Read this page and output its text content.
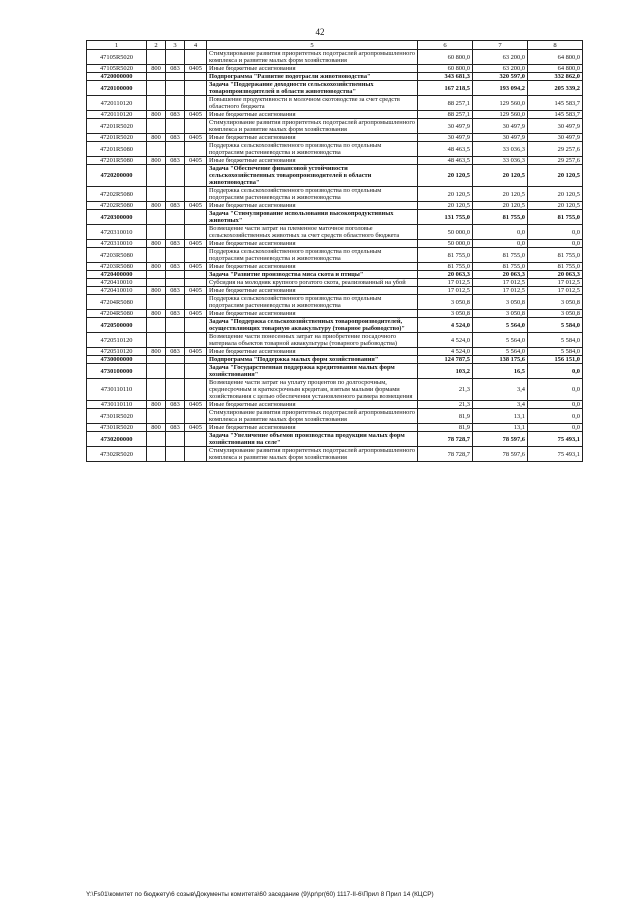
42
1	2	3	4	5	6	7	8
47105R5020				Стимулирование развития приоритетных подотраслей агропромышленного комплекса и развитие малых форм хозяйствования	60 800,0	63 200,0	64 800,0
47105R5020	800	083	0405	Иные бюджетные ассигнования	60 800,0	63 200,0	64 800,0
4720000000				Подпрограмма "Развитие подотрасли животноводства"	343 681,3	320 597,0	332 862,0
4720100000				Задача "Поддержание доходности сельскохозяйственных товаропроизводителей в области животноводства"	167 218,5	193 094,2	205 339,2
4720110120				Повышение продуктивности в молочном скотоводстве за счет средств областного бюджета	88 257,1	129 560,0	145 583,7
4720110120	800	083	0405	Иные бюджетные ассигнования	88 257,1	129 560,0	145 583,7
47201R5020				Стимулирование развития приоритетных подотраслей агропромышленного комплекса и развитие малых форм хозяйствования	30 497,9	30 497,9	30 497,9
47201R5020	800	083	0405	Иные бюджетные ассигнования	30 497,9	30 497,9	30 497,9
47201R5080				Поддержка сельскохозяйственного производства по отдельным подотраслям растениеводства и животноводства	48 463,5	33 036,3	29 257,6
47201R5080	800	083	0405	Иные бюджетные ассигнования	48 463,5	33 036,3	29 257,6
4720200000				Задача "Обеспечение финансовой устойчивости сельскохозяйственных товаропроизводителей в области животноводства"	20 120,5	20 120,5	20 120,5
47202R5080				Поддержка сельскохозяйственного производства по отдельным подотраслям растениеводства и животноводства	20 120,5	20 120,5	20 120,5
47202R5080	800	083	0405	Иные бюджетные ассигнования	20 120,5	20 120,5	20 120,5
4720300000				Задача "Стимулирование использования высокопродуктивных животных"	131 755,0	81 755,0	81 755,0
4720310010				Возмещение части затрат на племенное маточное поголовье сельскохозяйственных животных за счет средств областного бюджета	50 000,0	0,0	0,0
4720310010	800	083	0405	Иные бюджетные ассигнования	50 000,0	0,0	0,0
47203R5080				Поддержка сельскохозяйственного производства по отдельным подотраслям растениеводства и животноводства	81 755,0	81 755,0	81 755,0
47203R5080	800	083	0405	Иные бюджетные ассигнования	81 755,0	81 755,0	81 755,0
4720400000				Задача "Развитие производства мяса скота и птицы"	20 063,3	20 063,3	20 063,3
4720410010				Субсидия на молодняк крупного рогатого скота, реализованный на убой	17 012,5	17 012,5	17 012,5
4720410010	800	083	0405	Иные бюджетные ассигнования	17 012,5	17 012,5	17 012,5
47204R5080				Поддержка сельскохозяйственного производства по отдельным подотраслям растениеводства и животноводства	3 050,8	3 050,8	3 050,8
47204R5080	800	083	0405	Иные бюджетные ассигнования	3 050,8	3 050,8	3 050,8
4720500000				Задача "Поддержка сельскохозяйственных товаропроизводителей, осуществляющих товарную аквакультуру (товарное рыбоводство)"	4 524,0	5 564,0	5 584,0
4720510120				Возмещение части понесенных затрат на приобретение посадочного материала объектов товарной аквакультуры (товарного рыбоводства)	4 524,0	5 564,0	5 584,0
4720510120	800	083	0405	Иные бюджетные ассигнования	4 524,0	5 564,0	5 584,0
4730000000				Подпрограмма "Поддержка малых форм хозяйствования"	124 787,5	138 175,6	156 151,0
4730100000				Задача "Государственная поддержка кредитования малых форм хозяйствования"	103,2	16,5	0,0
4730110110				Возмещение части затрат на уплату процентов по долгосрочным, среднесрочным и краткосрочным кредитам, взятым малыми формами хозяйствования с целью обеспечения установленного размера возмещения	21,3	3,4	0,0
4730110110	800	083	0405	Иные бюджетные ассигнования	21,3	3,4	0,0
47301R5020				Стимулирование развития приоритетных подотраслей агропромышленного комплекса и развитие малых форм хозяйствования	81,9	13,1	0,0
47301R5020	800	083	0405	Иные бюджетные ассигнования	81,9	13,1	0,0
4730200000				Задача "Увеличение объемов производства продукции малых форм хозяйствования на селе"	78 728,7	78 597,6	75 493,1
47302R5020				Стимулирование развития приоритетных подотраслей агропромышленного комплекса и развитие малых форм хозяйствования	78 728,7	78 597,6	75 493,1
Y:\Fs01\комитет по бюджету\6 созыв\Документы комитета\60 заседание (9)\pr\pr(60) 1117-II-6\Прил 8 Прил 14 (КЦСР)
